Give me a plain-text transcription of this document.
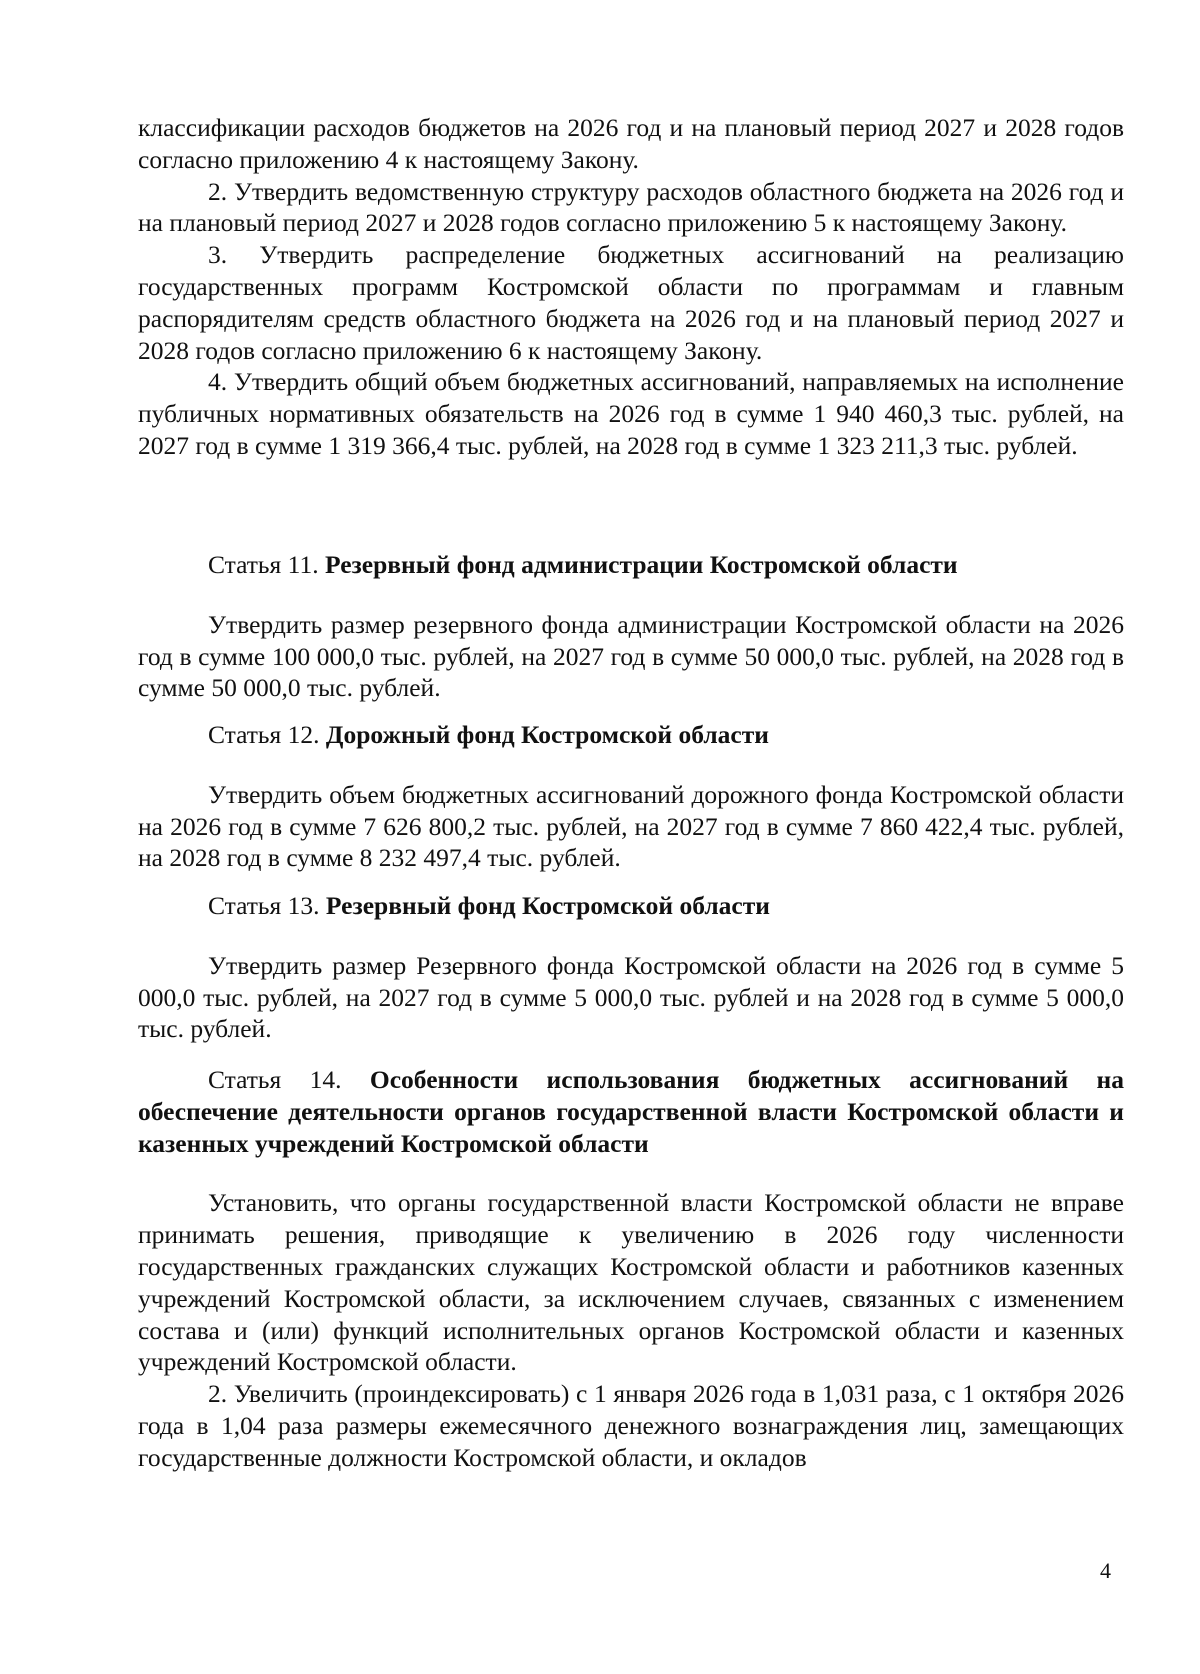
классификации расходов бюджетов на 2026 год и на плановый период 2027 и 2028 годов согласно приложению 4 к настоящему Закону.

2. Утвердить ведомственную структуру расходов областного бюджета на 2026 год и на плановый период 2027 и 2028 годов согласно приложению 5 к настоящему Закону.

3. Утвердить распределение бюджетных ассигнований на реализацию государственных программ Костромской области по программам и главным распорядителям средств областного бюджета на 2026 год и на плановый период 2027 и 2028 годов согласно приложению 6 к настоящему Закону.

4. Утвердить общий объем бюджетных ассигнований, направляемых на исполнение публичных нормативных обязательств на 2026 год в сумме 1 940 460,3 тыс. рублей, на 2027 год в сумме 1 319 366,4 тыс. рублей, на 2028 год в сумме 1 323 211,3 тыс. рублей.

Статья 11. Резервный фонд администрации Костромской области

Утвердить размер резервного фонда администрации Костромской области на 2026 год в сумме 100 000,0 тыс. рублей, на 2027 год в сумме 50 000,0 тыс. рублей, на 2028 год в сумме 50 000,0 тыс. рублей.

Статья 12. Дорожный фонд Костромской области

Утвердить объем бюджетных ассигнований дорожного фонда Костромской области на 2026 год в сумме 7 626 800,2 тыс. рублей, на 2027 год в сумме 7 860 422,4 тыс. рублей, на 2028 год в сумме 8 232 497,4 тыс. рублей.

Статья 13. Резервный фонд Костромской области

Утвердить размер Резервного фонда Костромской области на 2026 год в сумме 5 000,0 тыс. рублей, на 2027 год в сумме 5 000,0 тыс. рублей и на 2028 год в сумме 5 000,0 тыс. рублей.

Статья 14. Особенности использования бюджетных ассигнований на обеспечение деятельности органов государственной власти Костромской области и казенных учреждений Костромской области

Установить, что органы государственной власти Костромской области не вправе принимать решения, приводящие к увеличению в 2026 году численности государственных гражданских служащих Костромской области и работников казенных учреждений Костромской области, за исключением случаев, связанных с изменением состава и (или) функций исполнительных органов Костромской области и казенных учреждений Костромской области.

2. Увеличить (проиндексировать) с 1 января 2026 года в 1,031 раза, с 1 октября 2026 года в 1,04 раза размеры ежемесячного денежного вознаграждения лиц, замещающих государственные должности Костромской области, и окладов

4
